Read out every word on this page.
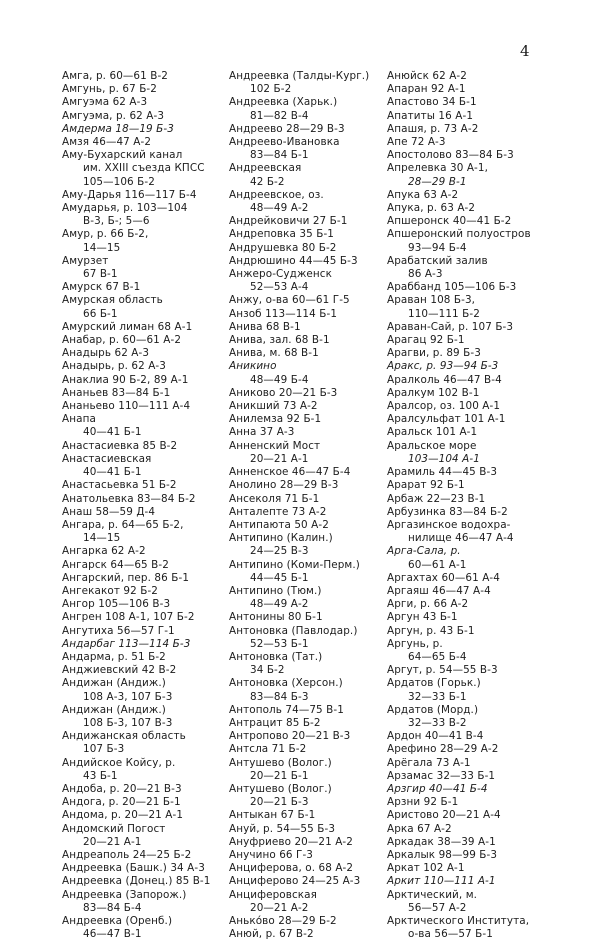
4
Амга, р. 60—61 В-2
Амгунь, р. 67 Б-2
Амгуэма 62 А-3
Амгуэма, р. 62 А-3
Амдерма 18—19 Б-3
Амзя 46—47 А-2
Аму-Бухарский канал
им. XXIII съезда КПСС
105—106 Б-2
Аму-Дарья 116—117 Б-4
Амударья, р. 103—104
В-3, Б-; 5—6
Амур, р. 66 Б-2,
14—15
Амурзет
67 В-1
Амурск 67 В-1
Амурская область
66 Б-1
Амурский лиман 68 А-1
Анабар, р. 60—61 А-2
Анадырь 62 А-3
Анадырь, р. 62 А-3
Анаклиа 90 Б-2, 89 А-1
Ананьев 83—84 Б-1
Ананьево 110—111 А-4
Анапа
40—41 Б-1
Анастасиевка 85 В-2
Анастасиевская
40—41 Б-1
Анастасьевка 51 Б-2
Анатольевка 83—84 Б-2
Анаш 58—59 Д-4
Ангара, р. 64—65 Б-2,
14—15
Ангарка 62 А-2
Ангарск 64—65 В-2
Ангарский, пер. 86 Б-1
Ангекакот 92 Б-2
Ангор 105—106 В-3
Ангрен 108 А-1, 107 Б-2
Ангутиха 56—57 Г-1
Андарбаг 113—114 Б-3
Андарма, р. 51 Б-2
Анджиевский 42 В-2
Андижан (Андиж.)
108 А-3, 107 Б-3
Андижан (Андиж.)
108 Б-3, 107 В-3
Андижанская область
107 Б-3
Андийское Койсу, р.
43 Б-1
Андоба, р. 20—21 В-3
Андога, р. 20—21 Б-1
Андома, р. 20—21 А-1
Андомский Погост
20—21 А-1
Андреаполь 24—25 Б-2
Андреевка (Башк.) 34 А-3
Андреевка (Донец.) 85 В-1
Андреевка (Запорож.)
83—84 Б-4
Андреевка (Оренб.)
46—47 В-1
Андреевка (Талды-Кург.)
102 Б-2
Андреевка (Харьк.)
81—82 В-4
Андреево 28—29 В-3
Андреево-Ивановка
83—84 Б-1
Андреевская
42 Б-2
Андреевское, оз.
48—49 А-2
Андрейковичи 27 Б-1
Андреповка 35 Б-1
Андрушевка 80 Б-2
Андрюшино 44—45 Б-3
Анжеро-Судженск
52—53 А-4
Анжу, о-ва 60—61 Г-5
Анзоб 113—114 Б-1
Анива 68 В-1
Анива, зал. 68 В-1
Анива, м. 68 В-1
Аникино
48—49 Б-4
Аниково 20—21 Б-3
Аникший 73 А-2
Анилемза 92 Б-1
Анна 37 А-3
Анненский Мост
20—21 А-1
Анненское 46—47 Б-4
Анолино 28—29 В-3
Ансеколя 71 Б-1
Анталепте 73 А-2
Антипаюта 50 А-2
Антипино (Калин.)
24—25 В-3
Антипино (Коми-Перм.)
44—45 Б-1
Антипино (Тюм.)
48—49 А-2
Антонины 80 Б-1
Антоновка (Павлодар.)
52—53 Б-1
Антоновка (Тат.)
34 Б-2
Антоновка (Херсон.)
83—84 Б-3
Антополь 74—75 В-1
Антрацит 85 Б-2
Антропово 20—21 В-3
Антсла 71 Б-2
Антушево (Волог.)
20—21 Б-1
Антушево (Волог.)
20—21 Б-3
Антыкан 67 Б-1
Ануй, р. 54—55 Б-3
Ануфриево 20—21 А-2
Анучино 66 Г-3
Анциферова, о. 68 А-2
Анциферово 24—25 А-3
Анциферовская
20—21 А-2
Анько́во 28—29 Б-2
Анюй, р. 67 В-2
Анюйск 62 А-2
Апаран 92 А-1
Апастово 34 Б-1
Апатиты 16 А-1
Апашя, р. 73 А-2
Апе 72 А-3
Апостолово 83—84 Б-3
Апрелевка 30 А-1,
28—29 В-1
Апука 63 А-2
Апука, р. 63 А-2
Апшеронск 40—41 Б-2
Апшеронский полуостров
93—94 Б-4
Арабатский залив
86 А-3
Араббанд 105—106 Б-3
Араван 108 Б-3,
110—111 Б-2
Араван-Сай, р. 107 Б-3
Арагац 92 Б-1
Арагви, р. 89 Б-3
Аракс, р. 93—94 Б-3
Аралколь 46—47 В-4
Аралкум 102 В-1
Аралсор, оз. 100 А-1
Аралсульфат 101 А-1
Аральск 101 А-1
Аральское море
103—104 А-1
Арамиль 44—45 В-3
Арарат 92 Б-1
Арбаж 22—23 В-1
Арбузинка 83—84 Б-2
Аргазинское водохра-
нилище 46—47 А-4
Арга-Сала, р.
60—61 А-1
Аргахтах 60—61 А-4
Аргаяш 46—47 А-4
Арги, р. 66 А-2
Аргун 43 Б-1
Аргун, р. 43 Б-1
Аргунь, р.
64—65 Б-4
Аргут, р. 54—55 В-3
Ардатов (Горьк.)
32—33 Б-1
Ардатов (Морд.)
32—33 В-2
Ардон 40—41 В-4
Арефино 28—29 А-2
Арёгала 73 А-1
Арзамас 32—33 Б-1
Арзгир 40—41 Б-4
Арзни 92 Б-1
Аристово 20—21 А-4
Арка 67 А-2
Аркадак 38—39 А-1
Аркалык 98—99 Б-3
Аркат 102 А-1
Аркит 110—111 А-1
Арктический, м.
56—57 А-2
Арктического Института,
о-ва 56—57 Б-1
